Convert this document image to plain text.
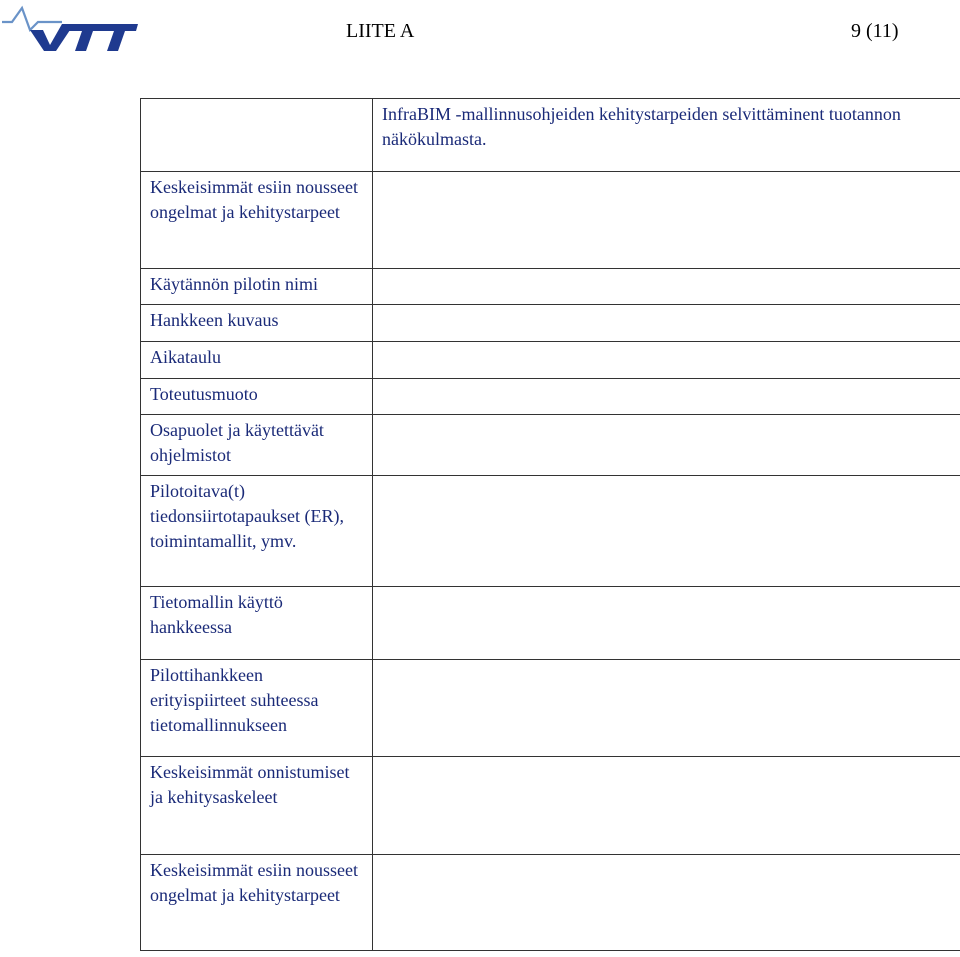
LIITE A	9 (11)
	InfraBIM -mallinnusohjeiden kehitystarpeiden selvittäminent tuotannon näkökulmasta.
Keskeisimmät esiin nousseet ongelmat ja kehitystarpeet	
Käytännön pilotin nimi	
Hankkeen kuvaus	
Aikataulu	
Toteutusmuoto	
Osapuolet ja käytettävät ohjelmistot	
Pilotoitava(t) tiedonsiirtotapaukset (ER), toimintamallit, ymv.	
Tietomallin käyttö hankkeessa	
Pilottihankkeen erityispiirteet suhteessa tietomallinnukseen	
Keskeisimmät onnistumiset ja kehitysaskeleet	
Keskeisimmät esiin nousseet ongelmat ja kehitystarpeet	
